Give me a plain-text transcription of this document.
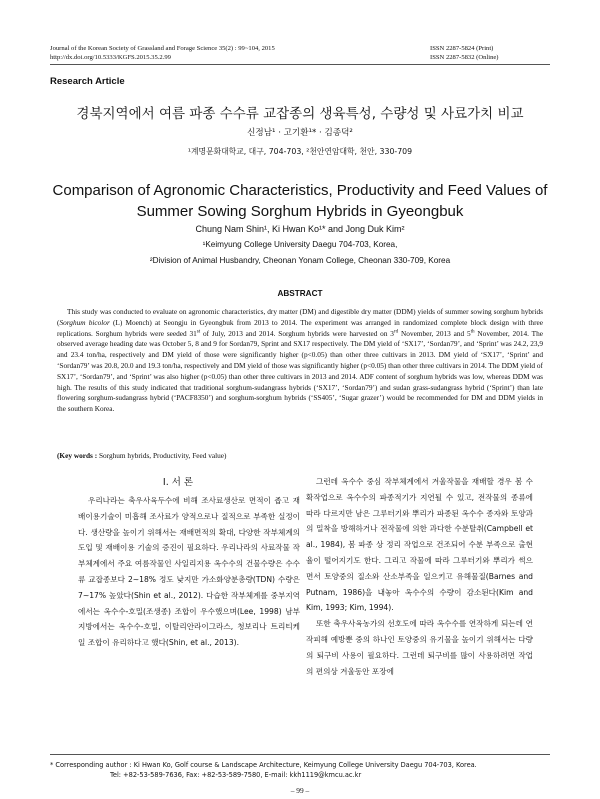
Journal of the Korean Society of Grassland and Forage Science 35(2) : 99~104, 2015
http://dx.doi.org/10.5333/KGFS.2015.35.2.99
ISSN 2287-5824 (Print)
ISSN 2287-5832 (Online)
Research Article
경북지역에서 여름 파종 수수류 교잡종의 생육특성, 수량성 및 사료가치 비교
신정남¹ · 고기환¹* · 김종덕²
¹계명문화대학교, 대구, 704-703, ²천안연암대학, 천안, 330-709
Comparison of Agronomic Characteristics, Productivity and Feed Values of
Summer Sowing Sorghum Hybrids in Gyeongbuk
Chung Nam Shin¹, Ki Hwan Ko¹* and Jong Duk Kim²
¹Keimyung College University Daegu 704-703, Korea,
²Division of Animal Husbandry, Cheonan Yonam College, Cheonan 330-709, Korea
ABSTRACT
This study was conducted to evaluate on agronomic characteristics, dry matter (DM) and digestible dry matter (DDM) yields of summer sowing sorghum hybrids (Sorghum bicolor (L) Moench) at Seongju in Gyeongbuk from 2013 to 2014. The experiment was arranged in randomized complete block design with three replications. Sorghum hybrids were seeded 31st of July, 2013 and 2014. Sorghum hybrids were harvested on 3rd November, 2013 and 5th November, 2014. The observed average heading date was October 5, 8 and 9 for Sordan79, Sprint and SX17 respectively. The DM yield of ‘SX17’, ‘Sordan79’, and ‘Sprint’ was 24.2, 23,9 and 23.4 ton/ha, respectively and DM yield of those were significantly higher (p<0.05) than other three cultivars in 2013. DM yield of ‘SX17’, ‘Sprint’ and ‘Sordan79’ was 20.8, 20.0 and 19.3 ton/ha, respectively and DM yield of those was significantly higher (p<0.05) than other three cultivars in 2014. The DDM yield of SX17’, ‘Sordan79’, and ‘Sprint’ was also higher (p<0.05) than other three cultivars in 2013 and 2014. ADF content of sorghum hybrids was low, whereas DDM was high. The results of this study indicated that traditional sorghum-sudangrass hybrids (‘SX17’, ‘Sordan79’) and sudan grass-sudangrass hybrid (‘Sprint’) than late flowering sorghum-sudangrass hybrid (‘PACF8350’) and sorghum-sorghum hybrids (‘SS405’, ‘Sugar grazer’) would be recommended for DM and DDM yields in the southern Korea.
(Key words : Sorghum hybrids, Productivity, Feed value)
Ⅰ. 서 론
우리나라는 축우사육두수에 비해 조사료생산로 면적이 좁고 재배이용기술이 미흡해 조사료가 양적으로나 질적으로 부족한 실정이다. 생산량을 높이기 위해서는 재배면적의 확대, 다양한 작부체계의 도입 및 재배이용 기술의 증진이 필요하다. 우리나라의 사료작물 작부체계에서 주요 여름작물인 사일리지용 옥수수의 건물수량은 수수류 교잡종보다 2~18% 정도 낮지만 가소화양분총량(TDN) 수량은 7~17% 높았다(Shin et al., 2012). 다습한 작부체계를 중부지역에서는 옥수수-호밀(조생종) 조합이 우수했으며(Lee, 1998) 남부지방에서는 옥수수-호밀, 이탈리안라이그라스, 청보리나 트리티케일 조합이 유리하다고 했다(Shin, et al., 2013).
그런데 옥수수 중심 작부체계에서 겨울작물을 재배할 경우 봄 수확작업으로 옥수수의 파종적기가 지연될 수 있고, 전작물의 종류에 따라 다르지만 남은 그루터기와 뿌리가 파종된 옥수수 종자와 토양과의 밀착을 방해하거나 전작물에 의한 과다한 수분탈취(Campbell et al., 1984), 봄 파종 상 정리 작업으로 건조되어 수분 부족으로 출현율이 떨어지기도 한다. 그리고 작물에 따라 그루터기와 뿌리가 썩으면서 토양중의 질소와 산소부족을 일으키고 유해물질(Barnes and Putnam, 1986)을 내놓아 옥수수의 수량이 감소된다(Kim and Kim, 1993; Kim, 1994).
또한 축우사육농가의 선호도에 따라 옥수수를 연작하게 되는데 연작피해 예방뿐 중의 하나인 토양중의 유기물을 높이기 위해서는 다량의 퇴구비 사용이 필요하다. 그런데 퇴구비를 많이 사용하려면 작업의 편의상 겨울동안 포장에
* Corresponding author : Ki Hwan Ko, Golf course & Landscape Architecture, Keimyung College University Daegu 704-703, Korea.
Tel: +82-53-589-7636, Fax: +82-53-589-7580, E-mail: kkh1119@kmcu.ac.kr
– 99 –
